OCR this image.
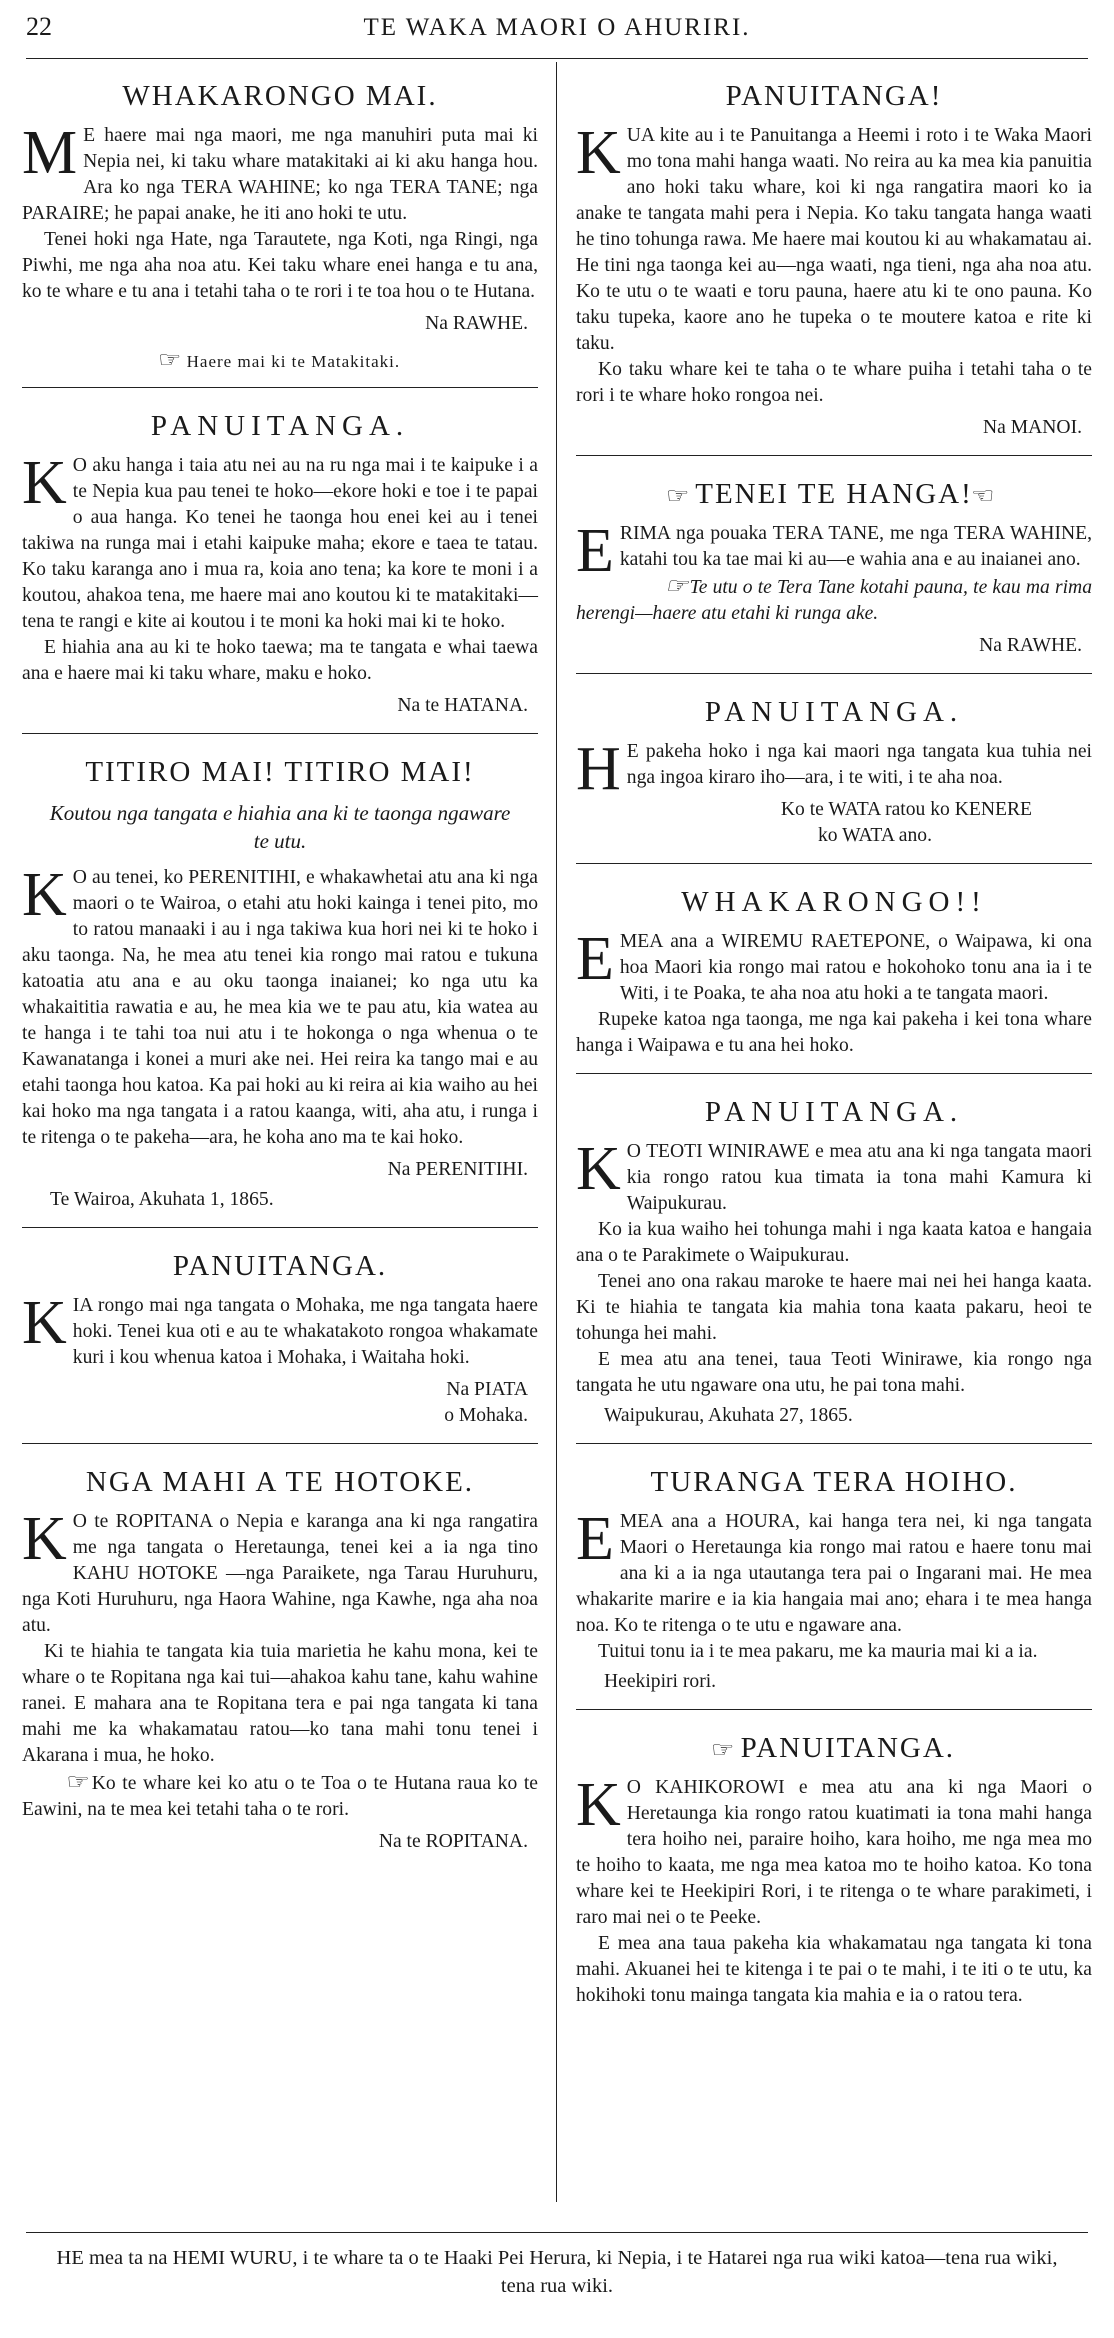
22	TE WAKA MAORI O AHURIRI.
WHAKARONGO MAI.

M E haere mai nga maori, me nga manuhiri puta mai ki Nepia nei, ki taku whare matakitaki ai ki aku hanga hou. Ara ko nga TERA WAHINE; ko nga TERA TANE; nga PARAIRE; he papai anake, he iti ano hoki te utu.

Tenei hoki nga Hate, nga Tarautete, nga Koti, nga Ringi, nga Piwhi, me nga aha noa atu. Kei taku whare enei hanga e tu ana, ko te whare e tu ana i tetahi taha o te rori i te toa hou o te Hutana.

Na RAWHE.
☞ Haere mai ki te Matakitaki.
PANUITANGA.

K O aku hanga i taia atu nei au na ru nga mai i te kaipuke i a te Nepia kua pau tenei te hoko—ekore hoki e toe i te papai o aua hanga. Ko tenei he taonga hou enei kei au i tenei takiwa na runga mai i etahi kaipuke maha; ekore e taea te tatau. Ko taku karanga ano i mua ra, koia ano tena; ka kore te moni i a koutou, ahakoa tena, me haere mai ano koutou ki te matakitaki—tena te rangi e kite ai koutou i te moni ka hoki mai ki te hoko.

E hiahia ana au ki te hoko taewa; ma te tangata e whai taewa ana e haere mai ki taku whare, maku e hoko.

Na te HATANA.
TITIRO MAI! TITIRO MAI!
Koutou nga tangata e hiahia ana ki te taonga ngaware te utu.

K O au tenei, ko PERENITIHI, e whakawhetai atu ana ki nga maori o te Wairoa, o etahi atu hoki kainga i tenei pito, mo to ratou manaaki i au i nga takiwa kua hori nei ki te hoko i aku taonga. Na, he mea atu tenei kia rongo mai ratou e tukuna katoatia atu ana e au oku taonga inaianei; ko nga utu ka whakaititia rawatia e au, he mea kia we te pau atu, kia watea au te hanga i te tahi toa nui atu i te hokonga o nga whenua o te Kawanatanga i konei a muri ake nei. Hei reira ka tango mai e au etahi taonga hou katoa. Ka pai hoki au ki reira ai kia waiho au hei kai hoko ma nga tangata i a ratou kaanga, witi, aha atu, i runga i te ritenga o te pakeha—ara, he koha ano ma te kai hoko.

Na PERENITIHI.
Te Wairoa, Akuhata 1, 1865.
PANUITANGA.

KIA rongo mai nga tangata o Mohaka, me nga tangata haere hoki. Tenei kua oti e au te whakatakoto rongoa whakamate kuri i kou whenua katoa i Mohaka, i Waitaha hoki.

Na PIATA
o Mohaka.
NGA MAHI A TE HOTOKE.

K O te ROPITANA o Nepia e karanga ana ki nga rangatira me nga tangata o Heretaunga, tenei kei a ia nga tino KAHU HOTOKE —nga Paraikete, nga Tarau Huruhuru, nga Koti Huruhuru, nga Haora Wahine, nga Kawhe, nga aha noa atu.

Ki te hiahia te tangata kia tuia marietia he kahu mona, kei te whare o te Ropitana nga kai tui—ahakoa kahu tane, kahu wahine ranei. E mahara ana te Ropitana tera e pai nga tangata ki tana mahi me ka whakamatau ratou—ko tana mahi tonu tenei i Akarana i mua, he hoko.

☞Ko te whare kei ko atu o te Toa o te Hutana raua ko te Eawini, na te mea kei tetahi taha o te rori.

Na te ROPITANA.
PANUITANGA!

KUA kite au i te Panuitanga a Heemi i roto i te Waka Maori mo tona mahi hanga waati. No reira au ka mea kia panuitia ano hoki taku whare, koi ki nga rangatira maori ko ia anake te tangata mahi pera i Nepia. Ko taku tangata hanga waati he tino tohunga rawa. Me haere mai koutou ki au whakamatau ai. He tini nga taonga kei au—nga waati, nga tieni, nga aha noa atu. Ko te utu o te waati e toru pauna, haere atu ki te ono pauna. Ko taku tupeka, kaore ano he tupeka o te moutere katoa e rite ki taku.

Ko taku whare kei te taha o te whare puiha i tetahi taha o te rori i te whare hoko rongoa nei.

Na MANOI.
☞ TENEI TE HANGA!☜

ERIMA nga pouaka TERA TANE, me nga TERA WAHINE, katahi tou ka tae mai ki au—e wahia ana e au inaianei ano.

☞Te utu o te Tera Tane kotahi pauna, te kau ma rima herengi—haere atu etahi ki runga ake.

Na RAWHE.
PANUITANGA.

H E pakeha hoko i nga kai maori nga tangata kua tuhia nei nga ingoa kiraro iho—ara, i te witi, i te aha noa.

Ko te WATA ratou ko KENERE
ko WATA ano.
WHAKARONGO!!

EMEA ana a WIREMU RAETEPONE, o Waipawa, ki ona hoa Maori kia rongo mai ratou e hokohoko tonu ana ia i te Witi, i te Poaka, te aha noa atu hoki a te tangata maori.

Rupeke katoa nga taonga, me nga kai pakeha i kei tona whare hanga i Waipawa e tu ana hei hoko.

PANUITANGA.

K O TEOTI WINIRAWE e mea atu ana ki nga tangata maori kia rongo ratou kua timata ia tona mahi Kamura ki Waipukurau.

Ko ia kua waiho hei tohunga mahi i nga kaata katoa e hangaia ana o te Parakimete o Waipukurau.

Tenei ano ona rakau maroke te haere mai nei hei hanga kaata. Ki te hiahia te tangata kia mahia tona kaata pakaru, heoi te tohunga hei mahi.

E mea atu ana tenei, taua Teoti Winirawe, kia rongo nga tangata he utu ngaware ona utu, he pai tona mahi.

Waipukurau, Akuhata 27, 1865.
TURANGA TERA HOIHO.

EMEA ana a HOURA, kai hanga tera nei, ki nga tangata Maori o Heretaunga kia rongo mai ratou e haere tonu mai ana ki a ia nga utautanga tera pai o Ingarani mai. He mea whakarite marire e ia kia hangaia mai ano; ehara i te mea hanga noa. Ko te ritenga o te utu e ngaware ana.

Tuitui tonu ia i te mea pakaru, me ka mauria mai ki a ia.

Heekipiri rori.
☞ PANUITANGA.

K O KAHIKOROWI e mea atu ana ki nga Maori o Heretaunga kia rongo ratou kuatimati ia tona mahi hanga tera hoiho nei, paraire hoiho, kara hoiho, me nga mea mo te hoiho to kaata, me nga mea katoa mo te hoiho katoa. Ko tona whare kei te Heekipiri Rori, i te ritenga o te whare parakimeti, i raro mai nei o te Peeke.

E mea ana taua pakeha kia whakamatau nga tangata ki tona mahi. Akuanei hei te kitenga i te pai o te mahi, i te iti o te utu, ka hokihoki tonu mainga tangata kia mahia e ia o ratou tera.

HE mea ta na HEMI WURU, i te whare ta o te Haaki Pei Herura, ki Nepia, i te Hatarei nga rua wiki katoa—tena rua wiki, tena rua wiki.
